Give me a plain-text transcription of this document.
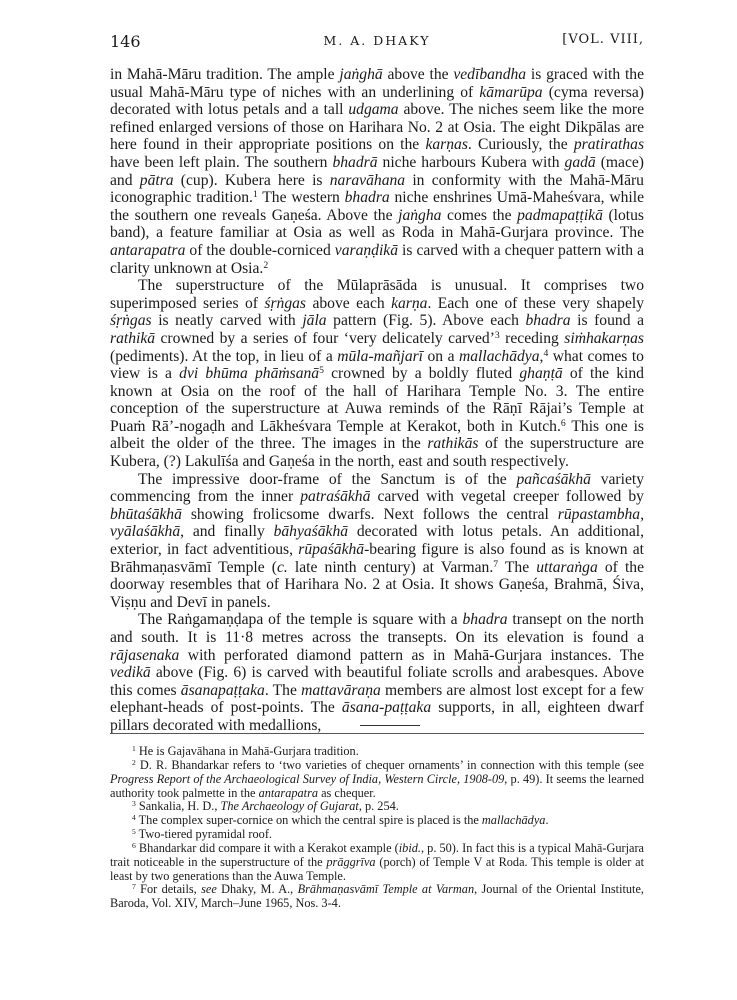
146	M. A. DHAKY	[VOL. VIII,

in Mahā-Māru tradition. The ample jaṅghā above the vedībandha is graced with the usual Mahā-Māru type of niches with an underlining of kāmarūpa (cyma reversa) decorated with lotus petals and a tall udgama above. The niches seem like the more refined enlarged versions of those on Harihara No. 2 at Osia. The eight Dikpālas are here found in their appropriate positions on the karṇas. Curiously, the pratirathas have been left plain. The southern bhadrā niche harbours Kubera with gadā (mace) and pātra (cup). Kubera here is naravāhana in conformity with the Mahā-Māru iconographic tradition.$^1$ The western bhadra niche enshrines Umā-Maheśvara, while the southern one reveals Gaṇeśa. Above the jaṅgha comes the padmapaṭṭikā (lotus band), a feature familiar at Osia as well as Roda in Mahā-Gurjara province. The antarapatra of the double-corniced varaṇḍikā is carved with a chequer pattern with a clarity unknown at Osia.$^2$

The superstructure of the Mūlaprāsāda is unusual. It comprises two superimposed series of śṛṅgas above each karṇa. Each one of these very shapely śṛṅgas is neatly carved with jāla pattern (Fig. 5). Above each bhadra is found a rathikā crowned by a series of four ‘very delicately carved’$^3$ receding siṁhakarṇas (pediments). At the top, in lieu of a mūla-mañjarī on a mallachādya,$^4$ what comes to view is a dvi bhūma phāṁsanā$^5$ crowned by a boldly fluted ghaṇṭā of the kind known at Osia on the roof of the hall of Harihara Temple No. 3. The entire conception of the superstructure at Auwa reminds of the Rāṇī Rājai’s Temple at Puaṁ Rā’-nogaḍh and Lākheśvara Temple at Kerakot, both in Kutch.$^6$ This one is albeit the older of the three. The images in the rathikās of the superstructure are Kubera, (?) Lakulīśa and Gaṇeśa in the north, east and south respectively.

The impressive door-frame of the Sanctum is of the pañcaśākhā variety commencing from the inner patraśākhā carved with vegetal creeper followed by bhūtaśākhā showing frolicsome dwarfs. Next follows the central rūpastambha, vyālaśākhā, and finally bāhyaśākhā decorated with lotus petals. An additional, exterior, in fact adventitious, rūpaśākhā-bearing figure is also found as is known at Brāhmaṇasvāmī Temple (c. late ninth century) at Varman.$^7$ The uttaraṅga of the doorway resembles that of Harihara No. 2 at Osia. It shows Gaṇeśa, Brahmā, Śiva, Viṣṇu and Devī in panels.

The Raṅgamaṇḍapa of the temple is square with a bhadra transept on the north and south. It is 11·8 metres across the transepts. On its elevation is found a rājasenaka with perforated diamond pattern as in Mahā-Gurjara instances. The vedikā above (Fig. 6) is carved with beautiful foliate scrolls and arabesques. Above this comes āsanapaṭṭaka. The mattavāraṇa members are almost lost except for a few elephant-heads of post-points. The āsana-paṭṭaka supports, in all, eighteen dwarf pillars decorated with medallions,

$^1$ He is Gajavāhana in Mahā-Gurjara tradition.

$^2$ D. R. Bhandarkar refers to ‘two varieties of chequer ornaments’ in connection with this temple (see Progress Report of the Archaeological Survey of India, Western Circle, 1908-09, p. 49). It seems the learned authority took palmette in the antarapatra as chequer.

$^3$ Sankalia, H. D., The Archaeology of Gujarat, p. 254.

$^4$ The complex super-cornice on which the central spire is placed is the mallachādya.

$^5$ Two-tiered pyramidal roof.

$^6$ Bhandarkar did compare it with a Kerakot example (ibid., p. 50). In fact this is a typical Mahā-Gurjara trait noticeable in the superstructure of the prāggrīva (porch) of Temple V at Roda. This temple is older at least by two generations than the Auwa Temple.

$^7$ For details, see Dhaky, M. A., Brāhmaṇasvāmī Temple at Varman, Journal of the Oriental Institute, Baroda, Vol. XIV, March–June 1965, Nos. 3-4.
